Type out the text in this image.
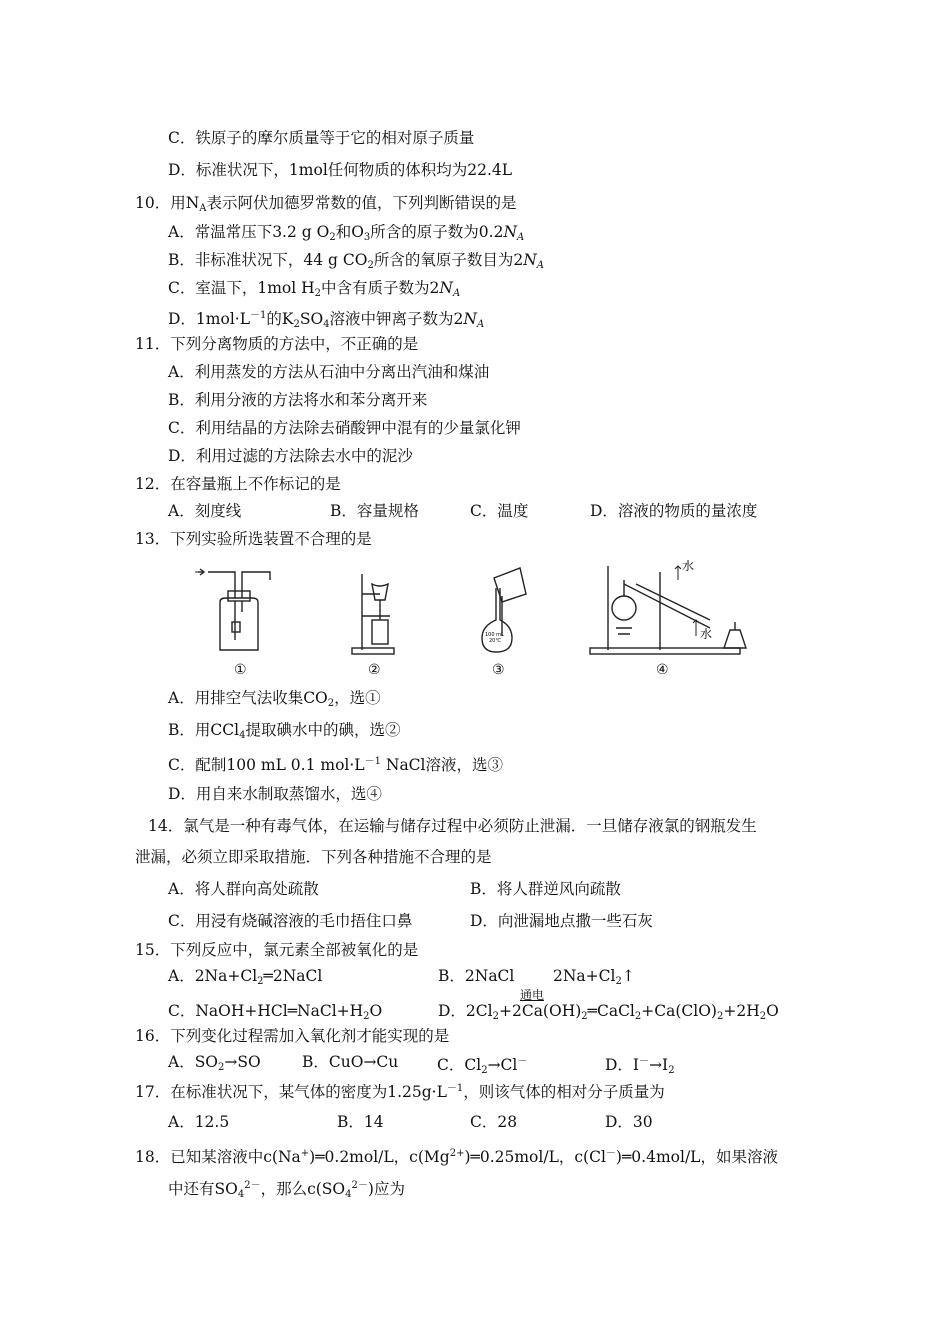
C．铁原子的摩尔质量等于它的相对原子质量
D．标准状况下，1mol任何物质的体积均为22.4L
10．用$N_A$表示阿伏加德罗常数的值，下列判断错误的是
A．常温常压下3.2 g $O_2$和$O_3$所含的原子数为$0.2N_A$
B．非标准状况下，44 g $CO_2$所含的氧原子数目为$2N_A$
C．室温下，1mol $H_2$中含有质子数为$2N_A$
D．$1mol\cdot L^{-1}$的$K_2SO_4$溶液中钾离子数为$2N_A$
11．下列分离物质的方法中，不正确的是
A．利用蒸发的方法从石油中分离出汽油和煤油
B．利用分液的方法将水和苯分离开来
C．利用结晶的方法除去硝酸钾中混有的少量氯化钾
D．利用过滤的方法除去水中的泥沙
12．在容量瓶上不作标记的是
A．刻度线	B．容量规格	C．温度	D．溶液的物质的量浓度
13．下列实验所选装置不合理的是
水
水
100 mL
20℃
①	②	③	④
A．用排空气法收集$CO_2$，选①
B．用CCl$_4$提取碘水中的碘，选②
C．配制100 mL 0.1 $mol\cdot L^{-1}$ NaCl溶液，选③
D．用自来水制取蒸馏水，选④
14．氯气是一种有毒气体，在运输与储存过程中必须防止泄漏．一旦储存液氯的钢瓶发生
泄漏，必须立即采取措施．下列各种措施不合理的是
A．将人群向高处疏散	B．将人群逆风向疏散
C．用浸有烧碱溶液的毛巾捂住口鼻	D．向泄漏地点撒一些石灰
15．下列反应中，氯元素全部被氧化的是
A．$2Na+Cl_2═2NaCl$	B．2NaCl $2Na+Cl_2↑$
通电
C．$NaOH+HCl═NaCl+H_2O$	D．$2Cl_2+2Ca(OH)_2═CaCl_2+Ca(ClO)_2+2H_2O$
16．下列变化过程需加入氧化剂才能实现的是
A．$SO_2\to SO$	B．CuO→Cu C．$Cl_2\to Cl^-$	D．$I^-\to I_2$
17．在标准状况下，某气体的密度为$1.25g\cdot L^{-1}$，则该气体的相对分子质量为
A．12.5	B．14	C．28	D．30
18．已知某溶液中c(Na+)═0.2mol/L，$c(Mg^{2+})═0.25mol/L$，c(Cl－)═0.4mol/L，如果溶液
中还有$SO_4^{2-}$，那么$c(SO_4^{2-})$应为
